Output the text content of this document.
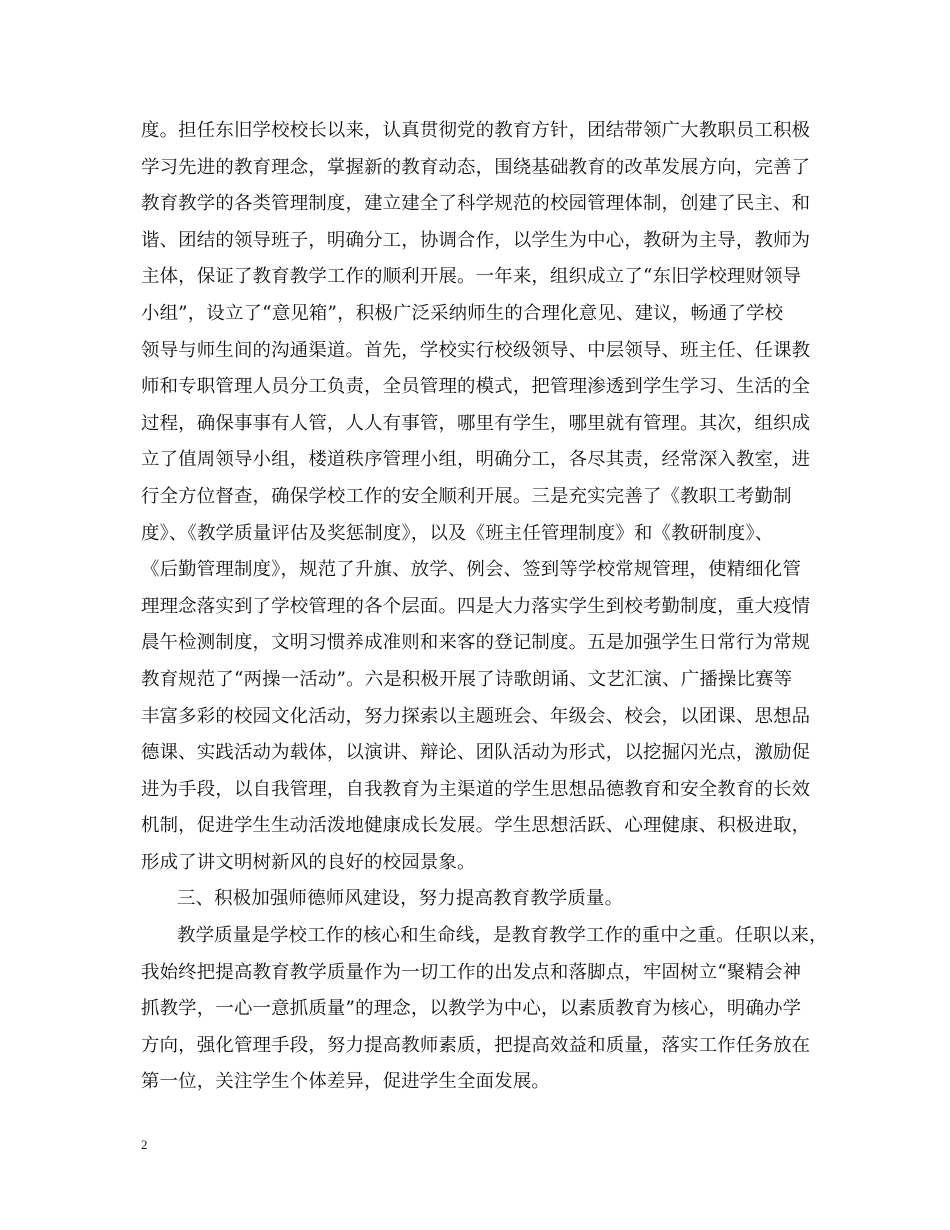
度。担任东旧学校校长以来，认真贯彻党的教育方针，团结带领广大教职员工积极
学习先进的教育理念，掌握新的教育动态，围绕基础教育的改革发展方向，完善了
教育教学的各类管理制度，建立建全了科学规范的校园管理体制，创建了民主、和
谐、团结的领导班子，明确分工，协调合作，以学生为中心，教研为主导，教师为
主体，保证了教育教学工作的顺利开展。一年来，组织成立了“东旧学校理财领导
小组”，设立了“意见箱”，积极广泛采纳师生的合理化意见、建议，畅通了学校
领导与师生间的沟通渠道。首先，学校实行校级领导、中层领导、班主任、任课教
师和专职管理人员分工负责，全员管理的模式，把管理渗透到学生学习、生活的全
过程，确保事事有人管，人人有事管，哪里有学生，哪里就有管理。其次，组织成
立了值周领导小组，楼道秩序管理小组，明确分工，各尽其责，经常深入教室，进
行全方位督查，确保学校工作的安全顺利开展。三是充实完善了《教职工考勤制
度》、《教学质量评估及奖惩制度》，以及《班主任管理制度》和《教研制度》、
《后勤管理制度》，规范了升旗、放学、例会、签到等学校常规管理，使精细化管
理理念落实到了学校管理的各个层面。四是大力落实学生到校考勤制度，重大疫情
晨午检测制度，文明习惯养成准则和来客的登记制度。五是加强学生日常行为常规
教育规范了“两操一活动”。六是积极开展了诗歌朗诵、文艺汇演、广播操比赛等
丰富多彩的校园文化活动，努力探索以主题班会、年级会、校会，以团课、思想品
德课、实践活动为载体，以演讲、辩论、团队活动为形式，以挖掘闪光点，激励促
进为手段，以自我管理，自我教育为主渠道的学生思想品德教育和安全教育的长效
机制，促进学生生动活泼地健康成长发展。学生思想活跃、心理健康、积极进取，
形成了讲文明树新风的良好的校园景象。
三、积极加强师德师风建设，努力提高教育教学质量。
教学质量是学校工作的核心和生命线，是教育教学工作的重中之重。任职以来，
我始终把提高教育教学质量作为一切工作的出发点和落脚点，牢固树立“聚精会神
抓教学，一心一意抓质量”的理念，以教学为中心，以素质教育为核心，明确办学
方向，强化管理手段，努力提高教师素质，把提高效益和质量，落实工作任务放在
第一位，关注学生个体差异，促进学生全面发展。
2
